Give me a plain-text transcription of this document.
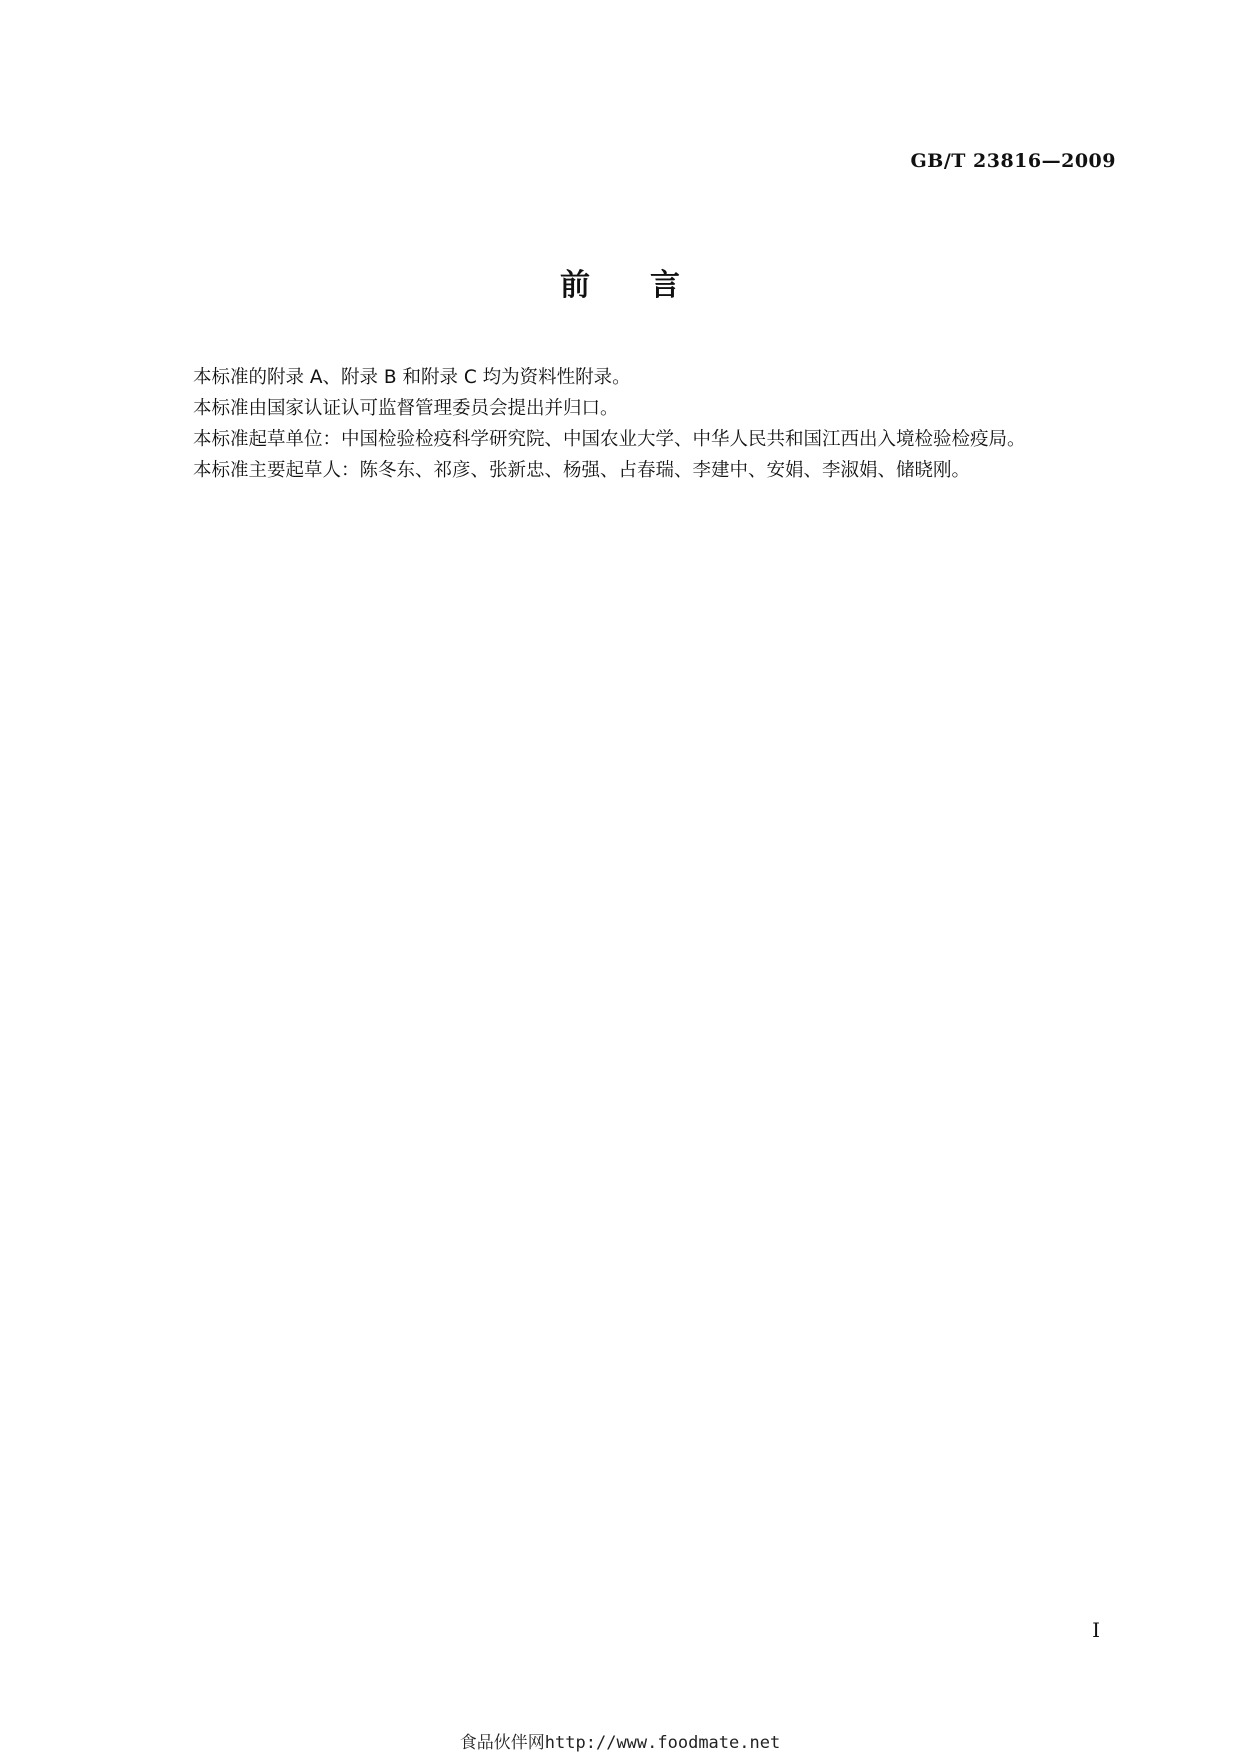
GB/T 23816—2009
前言

本标准的附录 A、附录 B 和附录 C 均为资料性附录。

本标准由国家认证认可监督管理委员会提出并归口。

本标准起草单位：中国检验检疫科学研究院、中国农业大学、中华人民共和国江西出入境检验检疫局。

本标准主要起草人：陈冬东、祁彦、张新忠、杨强、占春瑞、李建中、安娟、李淑娟、储晓刚。

I
食品伙伴网http://www.foodmate.net
